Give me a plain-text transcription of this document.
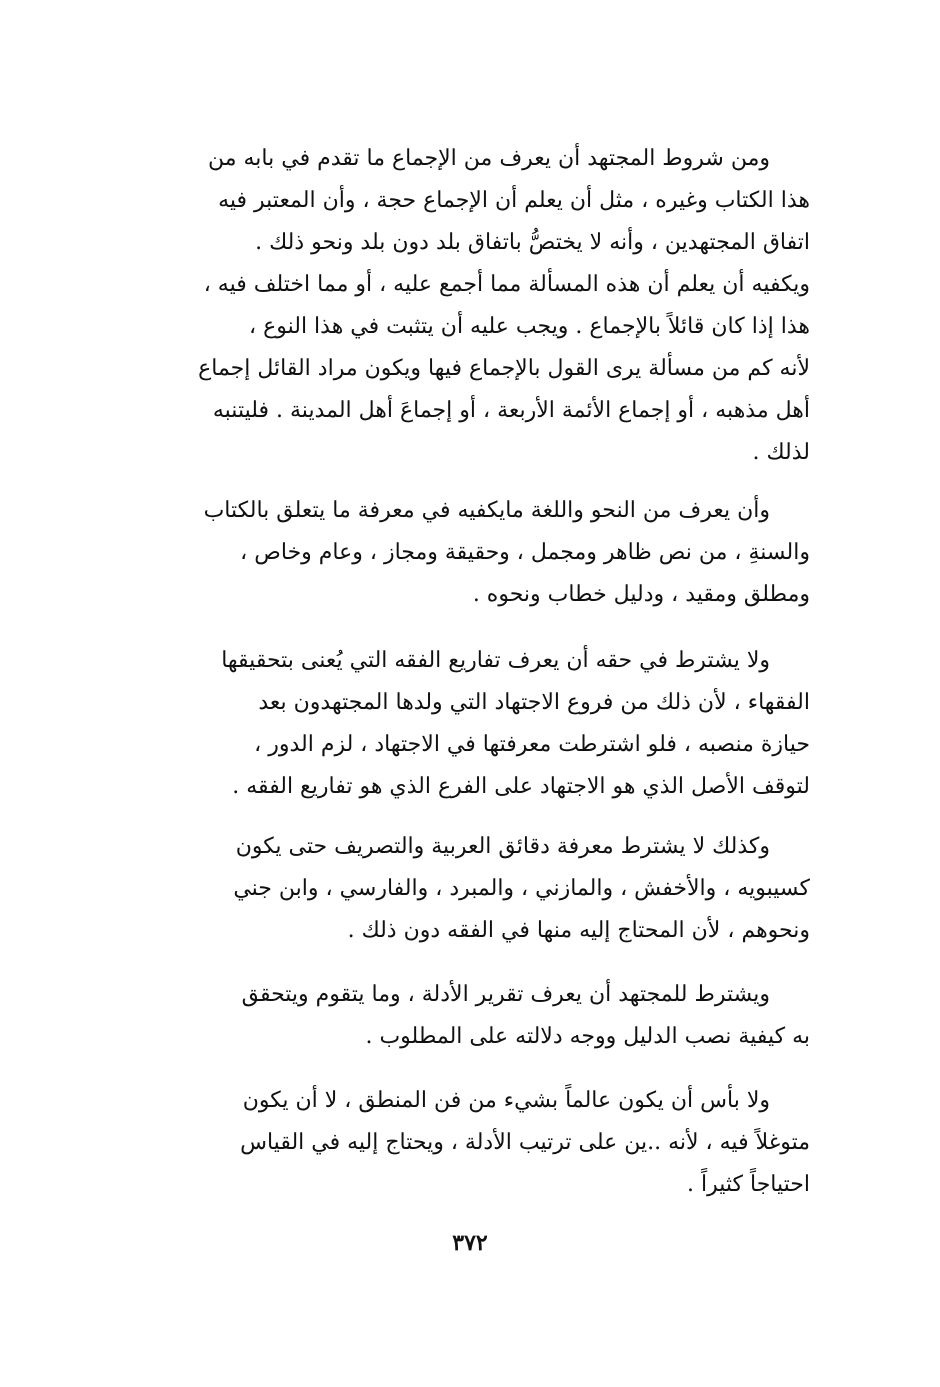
ومن شروط المجتهد أن يعرف من الإجماع ما تقدم في بابه من
هذا الكتاب وغيره ، مثل أن يعلم أن الإجماع حجة ، وأن المعتبر فيه
اتفاق المجتهدين ، وأنه لا يختصُّ باتفاق بلد دون بلد ونحو ذلك .
ويكفيه أن يعلم أن هذه المسألة مما أجمع عليه ، أو مما اختلف فيه ،
هذا إذا كان قائلاً بالإجماع . ويجب عليه أن يتثبت في هذا النوع ،
لأنه كم من مسألة يرى القول بالإجماع فيها ويكون مراد القائل إجماع
أهل مذهبه ، أو إجماع الأئمة الأربعة ، أو إجماعَ أهل المدينة . فليتنبه
لذلك .
وأن يعرف من النحو واللغة مايكفيه في معرفة ما يتعلق بالكتاب
والسنةِ ، من نص ظاهر ومجمل ، وحقيقة ومجاز ، وعام وخاص ،
ومطلق ومقيد ، ودليل خطاب ونحوه .
ولا يشترط في حقه أن يعرف تفاريع الفقه التي يُعنى بتحقيقها
الفقهاء ، لأن ذلك من فروع الاجتهاد التي ولدها المجتهدون بعد
حيازة منصبه ، فلو اشترطت معرفتها في الاجتهاد ، لزم الدور ،
لتوقف الأصل الذي هو الاجتهاد على الفرع الذي هو تفاريع الفقه .
وكذلك لا يشترط معرفة دقائق العربية والتصريف حتى يكون
كسيبويه ، والأخفش ، والمازني ، والمبرد ، والفارسي ، وابن جني
ونحوهم ، لأن المحتاج إليه منها في الفقه دون ذلك .
ويشترط للمجتهد أن يعرف تقرير الأدلة ، وما يتقوم ويتحقق
به كيفية نصب الدليل ووجه دلالته على المطلوب .
ولا بأس أن يكون عالماً بشيء من فن المنطق ، لا أن يكون
متوغلاً فيه ، لأنه ..ين على ترتيب الأدلة ، ويحتاج إليه في القياس
احتياجاً كثيراً .
٣٧٢
